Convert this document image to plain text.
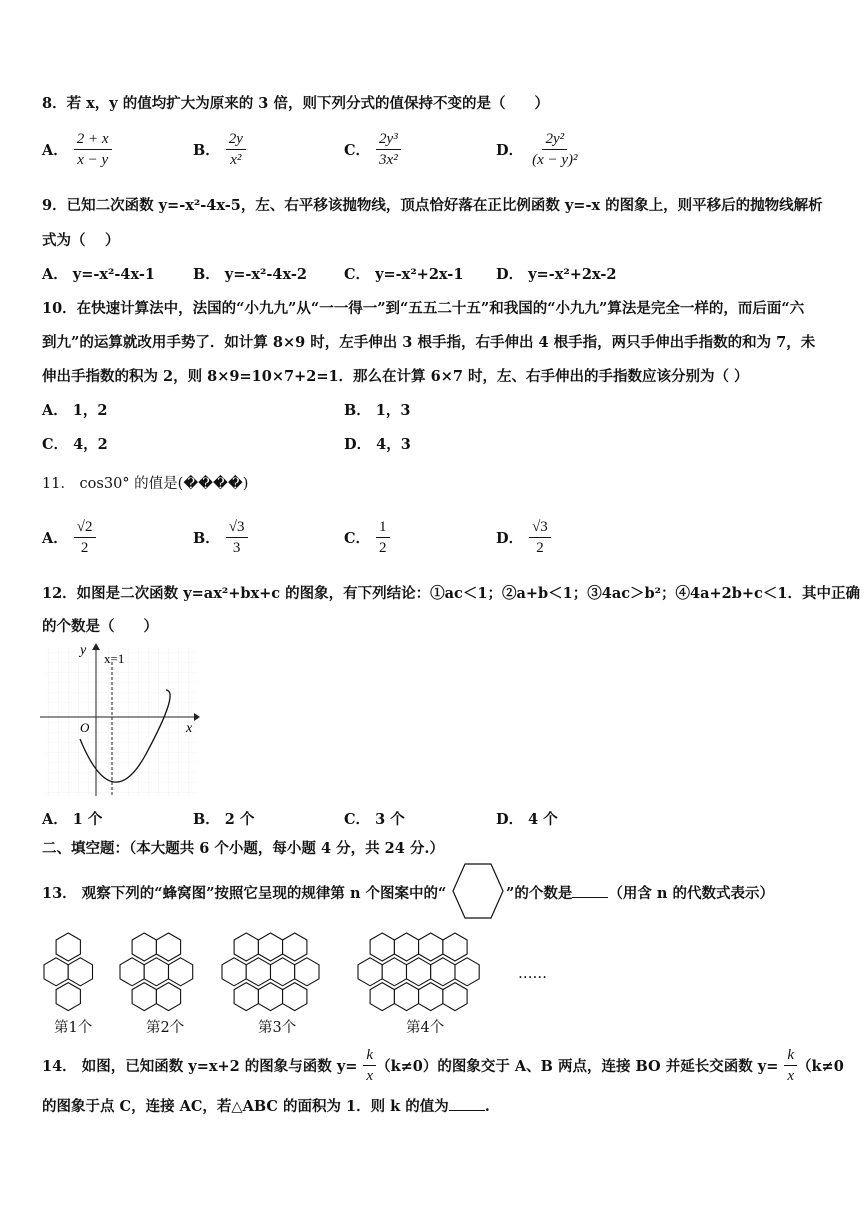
8．若 x，y 的值均扩大为原来的 3 倍，则下列分式的值保持不变的是（　　）
A． $\frac{2 + x}{x - y}$	B． $\frac{2y}{\text{x²}}$	C． $\frac{\text{2y³}}{\text{3x²}}$	D． $\frac{\text{2y²}}{\text{(x − y)²}}$
9．已知二次函数 y=-x²-4x-5，左、右平移该抛物线，顶点恰好落在正比例函数 y=-x 的图象上，则平移后的抛物线解析
式为（　 ）
A． y=-x²-4x-1	B． y=-x²-4x-2	C． y=-x²+2x-1 D． y=-x²+2x-2
10．在快速计算法中，法国的“小九九”从“一一得一”到“五五二十五”和我国的“小九九”算法是完全一样的，而后面“六
到九”的运算就改用手势了．如计算 8×9 时，左手伸出 3 根手指，右手伸出 4 根手指，两只手伸出手指数的和为 7，未
伸出手指数的积为 2，则 8×9=10×7+2=1．那么在计算 6×7 时，左、右手伸出的手指数应该分别为（ ）
A． 1，2	B． 1，3
C． 4，2	D． 4，3
11． cos30° 的值是(����)
A． $\frac{√2}{2}$	B． $\frac{√3}{3}$	C． $\frac{1}{2}$	D． $\frac{√3}{2}$
12．如图是二次函数 y=ax²+bx+c 的图象，有下列结论：①ac＜1；②a+b＜1；③4ac＞b²；④4a+2b+c＜1．其中正确
的个数是（　　）
y
x
O
x=1
A． 1 个	B． 2 个	C． 3 个	D． 4 个
二、填空题：（本大题共 6 个小题，每小题 4 分，共 24 分.）
13． 观察下列的“蜂窝图”按照它呈现的规律第 n 个图案中的“	”的个数是 （用含 n 的代数式表示）
第1个	第2个	第3个	第4个
……
14． 如图，已知函数 y=x+2 的图象与函数 $y= \frac{k}{x} (k\ne 0)$的图象交于 A、B 两点，连接 BO 并延长交函数 $y= \frac{k}{x} (k\ne 0$
的图象于点 C，连接 AC，若△ABC 的面积为 1．则 k 的值为 .
